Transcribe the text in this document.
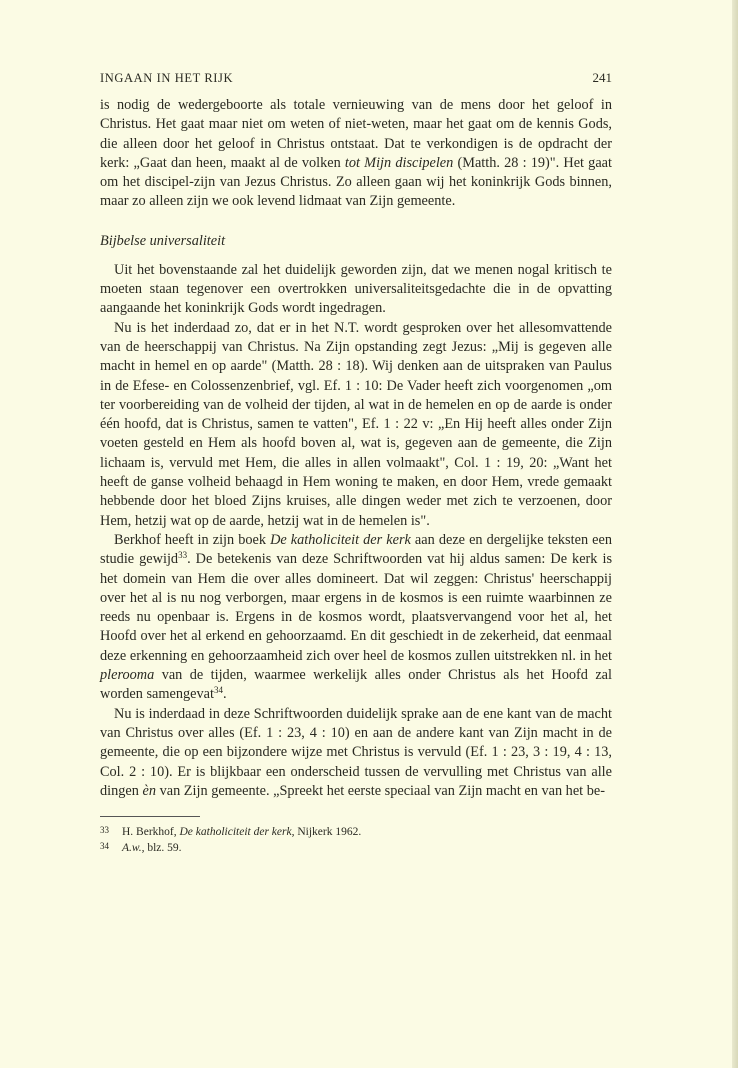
INGAAN IN HET RIJK	241

is nodig de wedergeboorte als totale vernieuwing van de mens door het geloof in Christus. Het gaat maar niet om weten of niet-weten, maar het gaat om de kennis Gods, die alleen door het geloof in Christus ontstaat. Dat te verkondigen is de opdracht der kerk: „Gaat dan heen, maakt al de volken tot Mijn discipelen (Matth. 28 : 19)". Het gaat om het discipel-zijn van Jezus Christus. Zo alleen gaan wij het koninkrijk Gods binnen, maar zo alleen zijn we ook levend lidmaat van Zijn gemeente.

Bijbelse universaliteit

Uit het bovenstaande zal het duidelijk geworden zijn, dat we menen nogal kritisch te moeten staan tegenover een overtrokken universaliteitsgedachte die in de opvatting aangaande het koninkrijk Gods wordt ingedragen.

Nu is het inderdaad zo, dat er in het N.T. wordt gesproken over het allesomvattende van de heerschappij van Christus. Na Zijn opstanding zegt Jezus: „Mij is gegeven alle macht in hemel en op aarde" (Matth. 28 : 18). Wij denken aan de uitspraken van Paulus in de Efese- en Colossenzenbrief, vgl. Ef. 1 : 10: De Vader heeft zich voorgenomen „om ter voorbereiding van de volheid der tijden, al wat in de hemelen en op de aarde is onder één hoofd, dat is Christus, samen te vatten", Ef. 1 : 22 v: „En Hij heeft alles onder Zijn voeten gesteld en Hem als hoofd boven al, wat is, gegeven aan de gemeente, die Zijn lichaam is, vervuld met Hem, die alles in allen volmaakt", Col. 1 : 19, 20: „Want het heeft de ganse volheid behaagd in Hem woning te maken, en door Hem, vrede gemaakt hebbende door het bloed Zijns kruises, alle dingen weder met zich te verzoenen, door Hem, hetzij wat op de aarde, hetzij wat in de hemelen is".

Berkhof heeft in zijn boek De katholiciteit der kerk aan deze en dergelijke teksten een studie gewijd$^{33}$. De betekenis van deze Schriftwoorden vat hij aldus samen: De kerk is het domein van Hem die over alles domineert. Dat wil zeggen: Christus' heerschappij over het al is nu nog verborgen, maar ergens in de kosmos is een ruimte waarbinnen ze reeds nu openbaar is. Ergens in de kosmos wordt, plaatsvervangend voor het al, het Hoofd over het al erkend en gehoorzaamd. En dit geschiedt in de zekerheid, dat eenmaal deze erkenning en gehoorzaamheid zich over heel de kosmos zullen uitstrekken nl. in het plerooma van de tijden, waarmee werkelijk alles onder Christus als het Hoofd zal worden samengevat$^{34}$.

Nu is inderdaad in deze Schriftwoorden duidelijk sprake aan de ene kant van de macht van Christus over alles (Ef. 1 : 23, 4 : 10) en aan de andere kant van Zijn macht in de gemeente, die op een bijzondere wijze met Christus is vervuld (Ef. 1 : 23, 3 : 19, 4 : 13, Col. 2 : 10). Er is blijkbaar een onderscheid tussen de vervulling met Christus van alle dingen èn van Zijn gemeente. „Spreekt het eerste speciaal van Zijn macht en van het be-

33 H. Berkhof, De katholiciteit der kerk, Nijkerk 1962.
34 A.w., blz. 59.
